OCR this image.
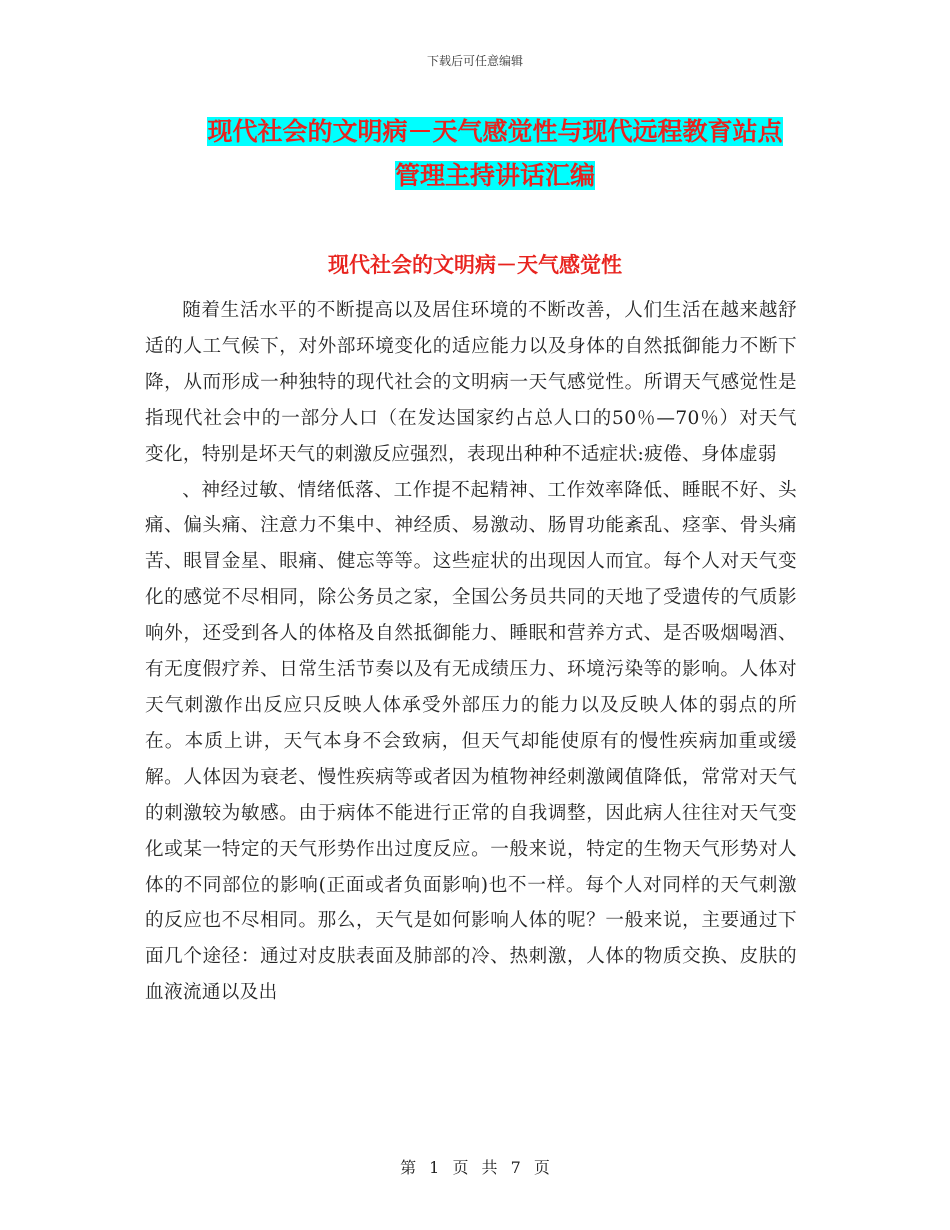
下载后可任意编辑
现代社会的文明病－天气感觉性与现代远程教育站点
管理主持讲话汇编
现代社会的文明病－天气感觉性

随着生活水平的不断提高以及居住环境的不断改善，人们生活在越来越舒适的人工气候下，对外部环境变化的适应能力以及身体的自然抵御能力不断下降，从而形成一种独特的现代社会的文明病一天气感觉性。所谓天气感觉性是指现代社会中的一部分人口（在发达国家约占总人口的50％—70％）对天气变化，特别是坏天气的刺激反应强烈，表现出种种不适症状:疲倦、身体虚弱

、神经过敏、情绪低落、工作提不起精神、工作效率降低、睡眠不好、头痛、偏头痛、注意力不集中、神经质、易激动、肠胃功能紊乱、痉挛、骨头痛苦、眼冒金星、眼痛、健忘等等。这些症状的出现因人而宜。每个人对天气变化的感觉不尽相同，除公务员之家，全国公务员共同的天地了受遗传的气质影响外，还受到各人的体格及自然抵御能力、睡眠和营养方式、是否吸烟喝酒、有无度假疗养、日常生活节奏以及有无成绩压力、环境污染等的影响。人体对天气刺激作出反应只反映人体承受外部压力的能力以及反映人体的弱点的所在。本质上讲，天气本身不会致病，但天气却能使原有的慢性疾病加重或缓解。人体因为衰老、慢性疾病等或者因为植物神经刺激阈值降低，常常对天气的刺激较为敏感。由于病体不能进行正常的自我调整，因此病人往往对天气变化或某一特定的天气形势作出过度反应。一般来说，特定的生物天气形势对人体的不同部位的影响(正面或者负面影响)也不一样。每个人对同样的天气刺激的反应也不尽相同。那么，天气是如何影响人体的呢？一般来说，主要通过下面几个途径：通过对皮肤表面及肺部的冷、热刺激，人体的物质交换、皮肤的血液流通以及出

第 1 页 共 7 页
